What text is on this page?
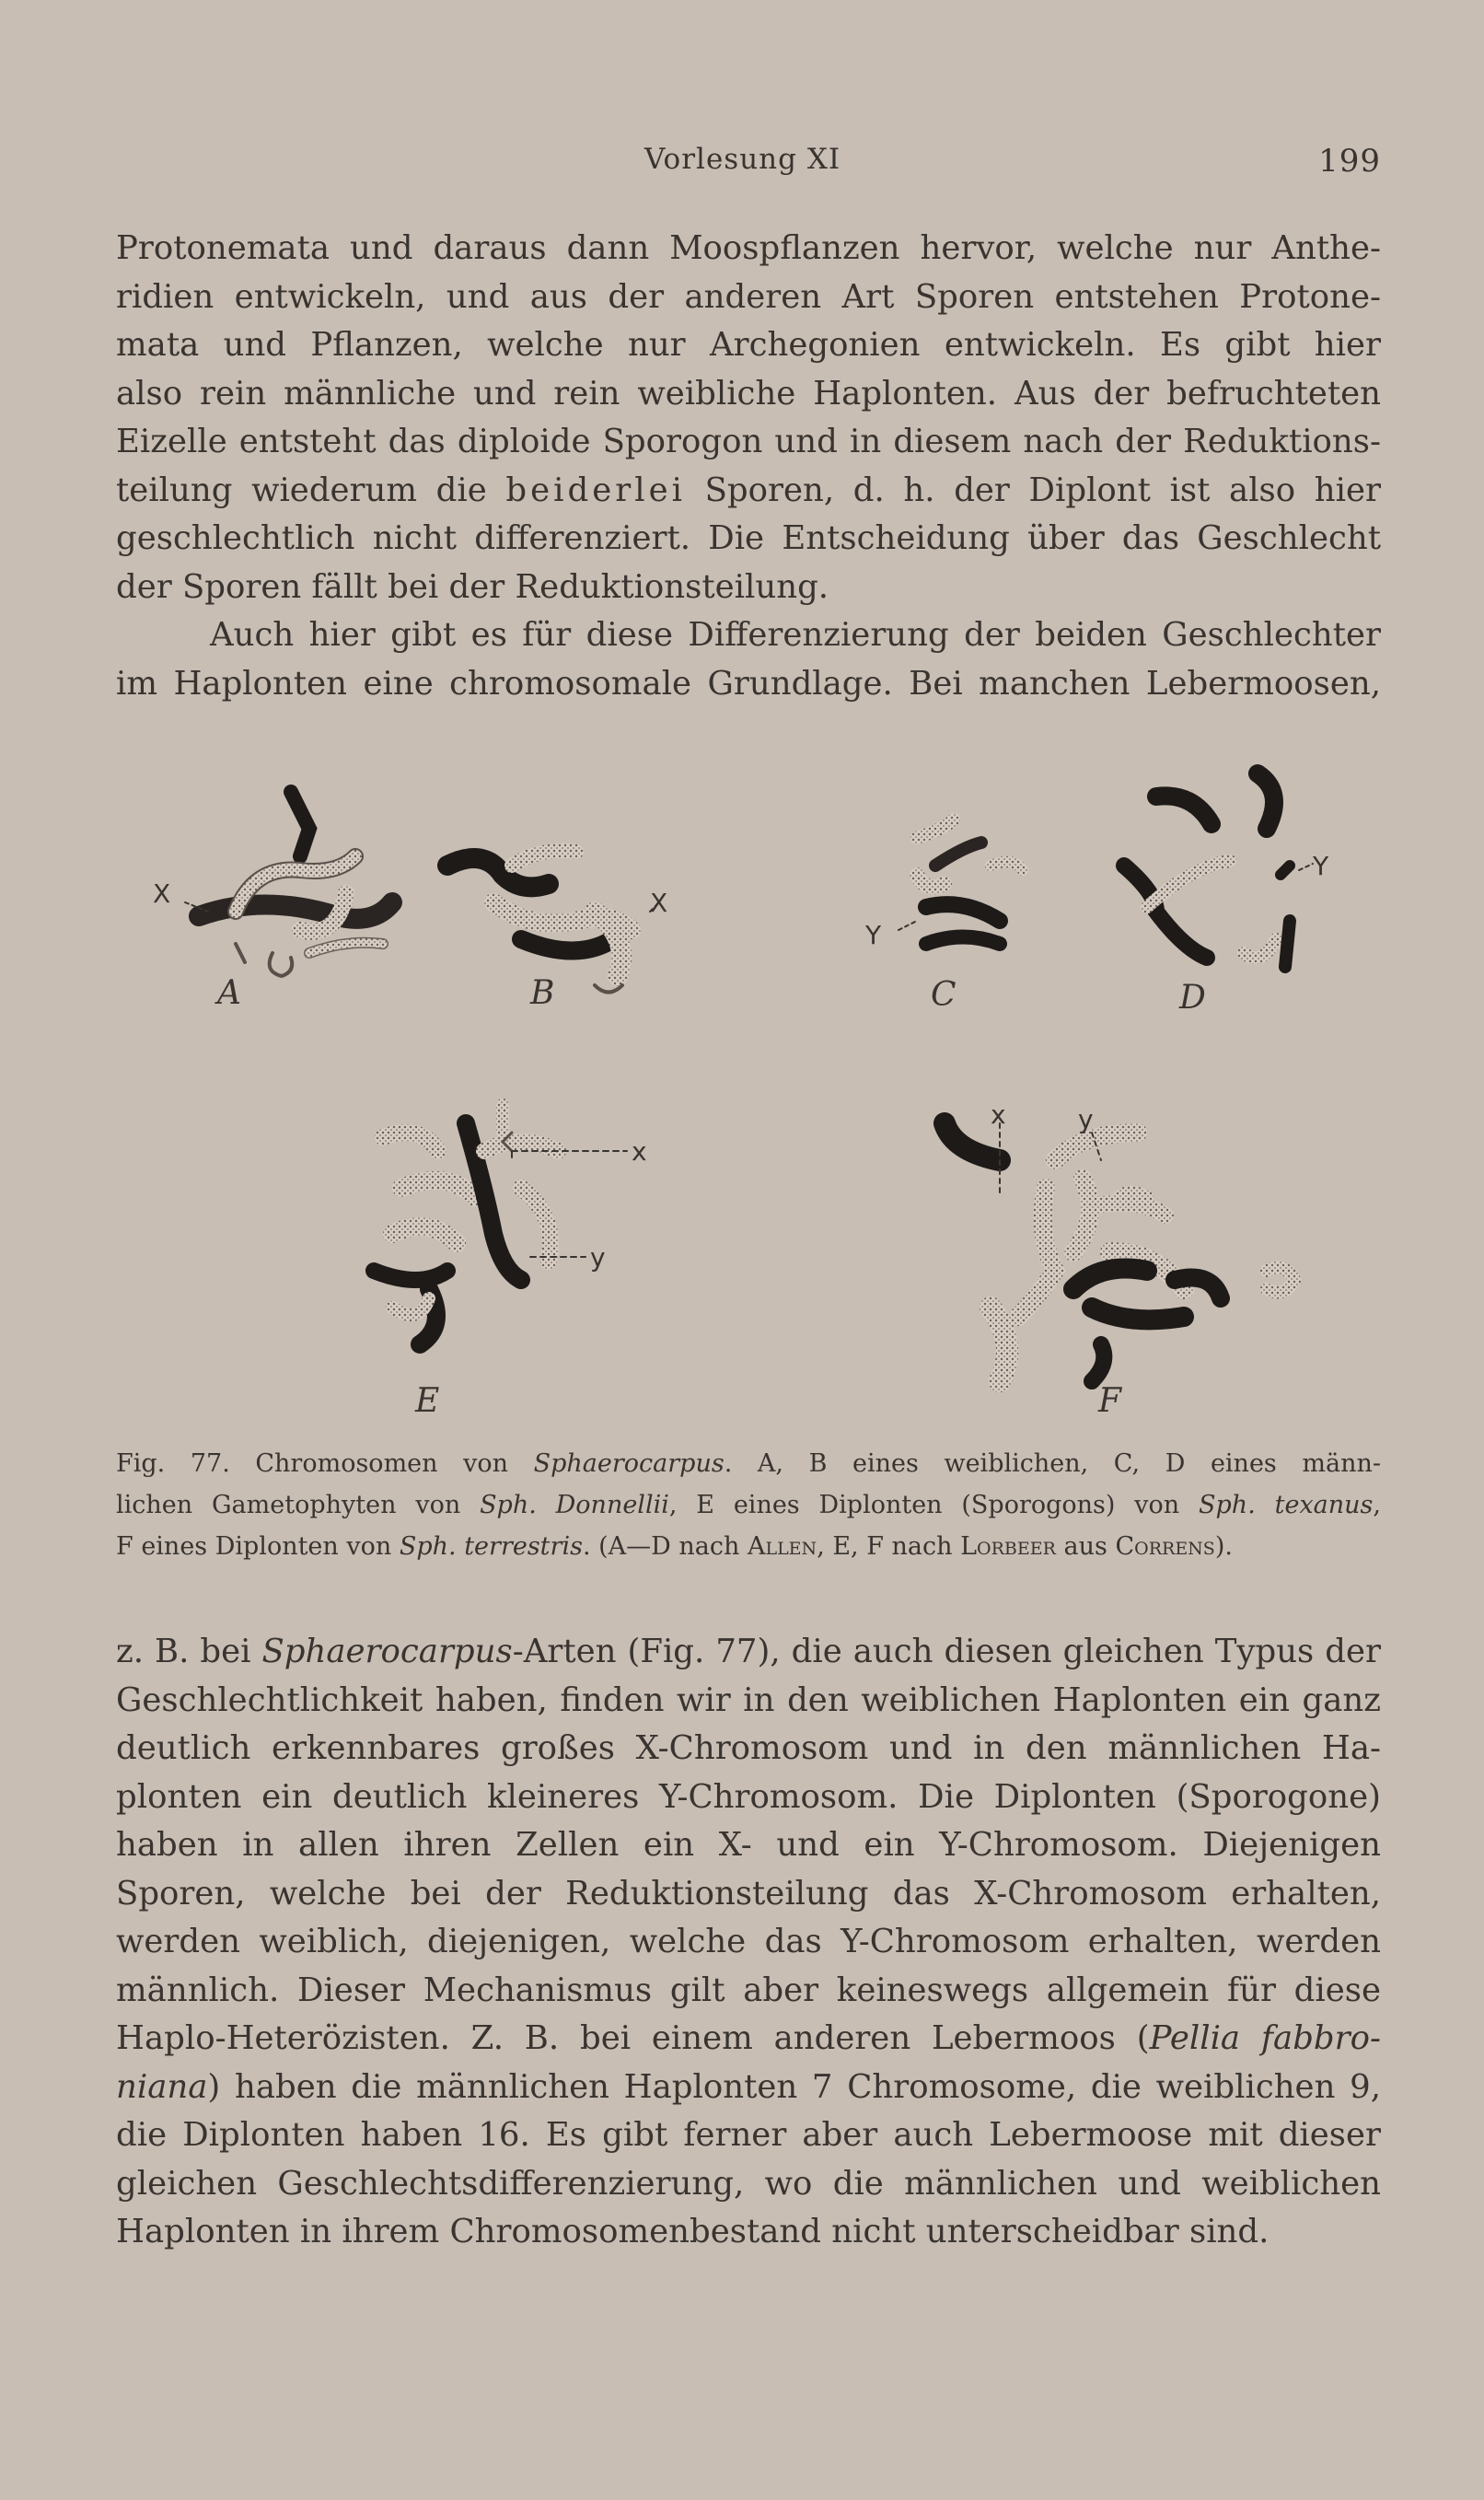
Vorlesung XI	199
Protonemata und daraus dann Moospflanzen hervor, welche nur Anthe-
ridien entwickeln, und aus der anderen Art Sporen entstehen Protone-
mata und Pflanzen, welche nur Archegonien entwickeln. Es gibt hier
also rein männliche und rein weibliche Haplonten. Aus der befruchteten
Eizelle entsteht das diploide Sporogon und in diesem nach der Reduktions-
teilung wiederum die beiderlei Sporen, d. h. der Diplont ist also hier
geschlechtlich nicht differenziert. Die Entscheidung über das Geschlecht
der Sporen fällt bei der Reduktionsteilung.
Auch hier gibt es für diese Differenzierung der beiden Geschlechter
im Haplonten eine chromosomale Grundlage. Bei manchen Lebermoosen,
A	B	C	D
E	F
X	X
Y
Y
x
y
x	y
Fig. 77. Chromosomen von Sphaerocarpus. A, B eines weiblichen, C, D eines männ-
lichen Gametophyten von Sph. Donnellii, E eines Diplonten (Sporogons) von Sph. texanus,
F eines Diplonten von Sph. terrestris. (A—D nach Allen, E, F nach Lorbeer aus Correns).
z. B. bei Sphaerocarpus-Arten (Fig. 77), die auch diesen gleichen Typus der
Geschlechtlichkeit haben, finden wir in den weiblichen Haplonten ein ganz
deutlich erkennbares großes X-Chromosom und in den männlichen Ha-
plonten ein deutlich kleineres Y-Chromosom. Die Diplonten (Sporogone)
haben in allen ihren Zellen ein X- und ein Y-Chromosom. Diejenigen
Sporen, welche bei der Reduktionsteilung das X-Chromosom erhalten,
werden weiblich, diejenigen, welche das Y-Chromosom erhalten, werden
männlich. Dieser Mechanismus gilt aber keineswegs allgemein für diese
Haplo-Heterözisten. Z. B. bei einem anderen Lebermoos (Pellia fabbro-
niana) haben die männlichen Haplonten 7 Chromosome, die weiblichen 9,
die Diplonten haben 16. Es gibt ferner aber auch Lebermoose mit dieser
gleichen Geschlechtsdifferenzierung, wo die männlichen und weiblichen
Haplonten in ihrem Chromosomenbestand nicht unterscheidbar sind.
